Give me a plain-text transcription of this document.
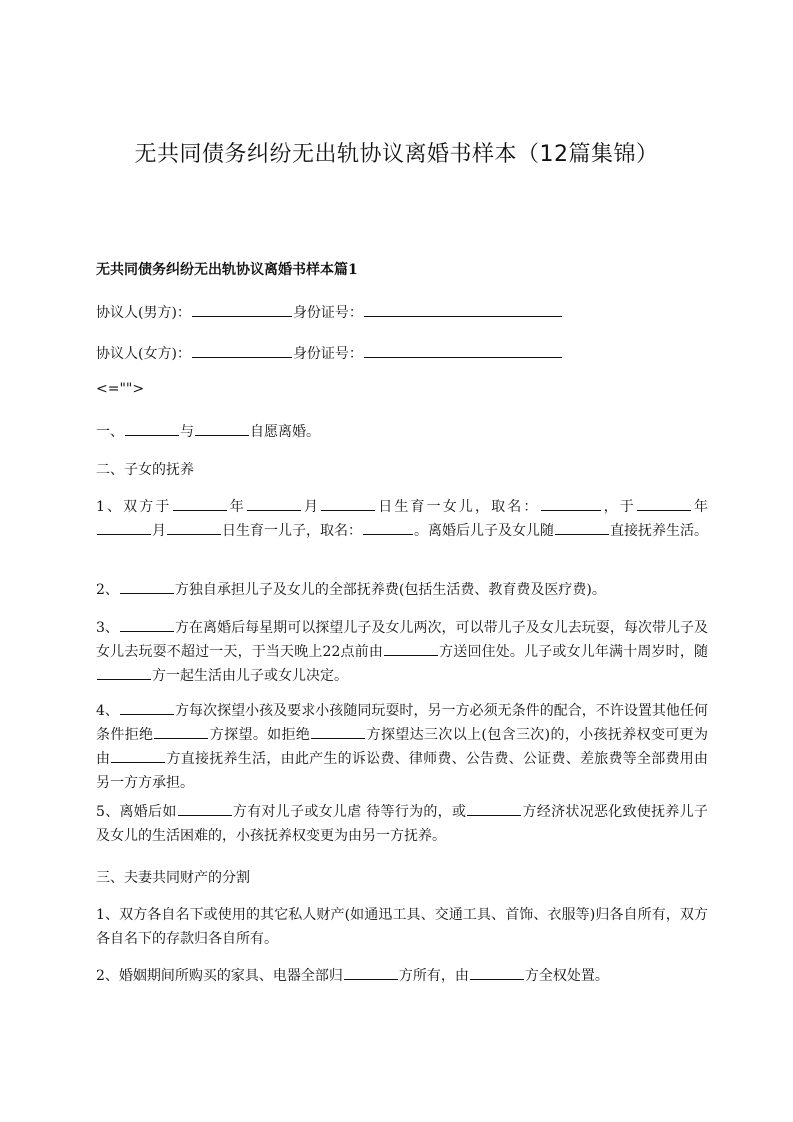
无共同债务纠纷无出轨协议离婚书样本（12篇集锦）
无共同债务纠纷无出轨协议离婚书样本篇1
协议人(男方)：	身份证号：
协议人(女方)：	身份证号：
<="">
一、	与	自愿离婚。
二、子女的抚养
1、双方于	年	月	日生育一女儿，取名：	，于	年月	日生育一儿子，取名：	。离婚后儿子及女儿随	直接抚养生活。
2、	方独自承担儿子及女儿的全部抚养费(包括生活费、教育费及医疗费)。
3、	方在离婚后每星期可以探望儿子及女儿两次，可以带儿子及女儿去玩耍，每次带儿子及女儿去玩耍不超过一天，于当天晚上22点前由	方送回住处。儿子或女儿年满十周岁时，随方一起生活由儿子或女儿决定。
4、	方每次探望小孩及要求小孩随同玩耍时，另一方必须无条件的配合，不许设置其他任何条件拒绝	方探望。如拒绝	方探望达三次以上(包含三次)的，小孩抚养权变可更为由	方直接抚养生活，由此产生的诉讼费、律师费、公告费、公证费、差旅费等全部费用由另一方方承担。
5、离婚后如	方有对儿子或女儿虐 待等行为的，或	方经济状况恶化致使抚养儿子及女儿的生活困难的，小孩抚养权变更为由另一方抚养。
三、夫妻共同财产的分割
1、双方各自名下或使用的其它私人财产(如通迅工具、交通工具、首饰、衣服等)归各自所有，双方各自名下的存款归各自所有。
2、婚姻期间所购买的家具、电器全部归	方所有，由	方全权处置。
